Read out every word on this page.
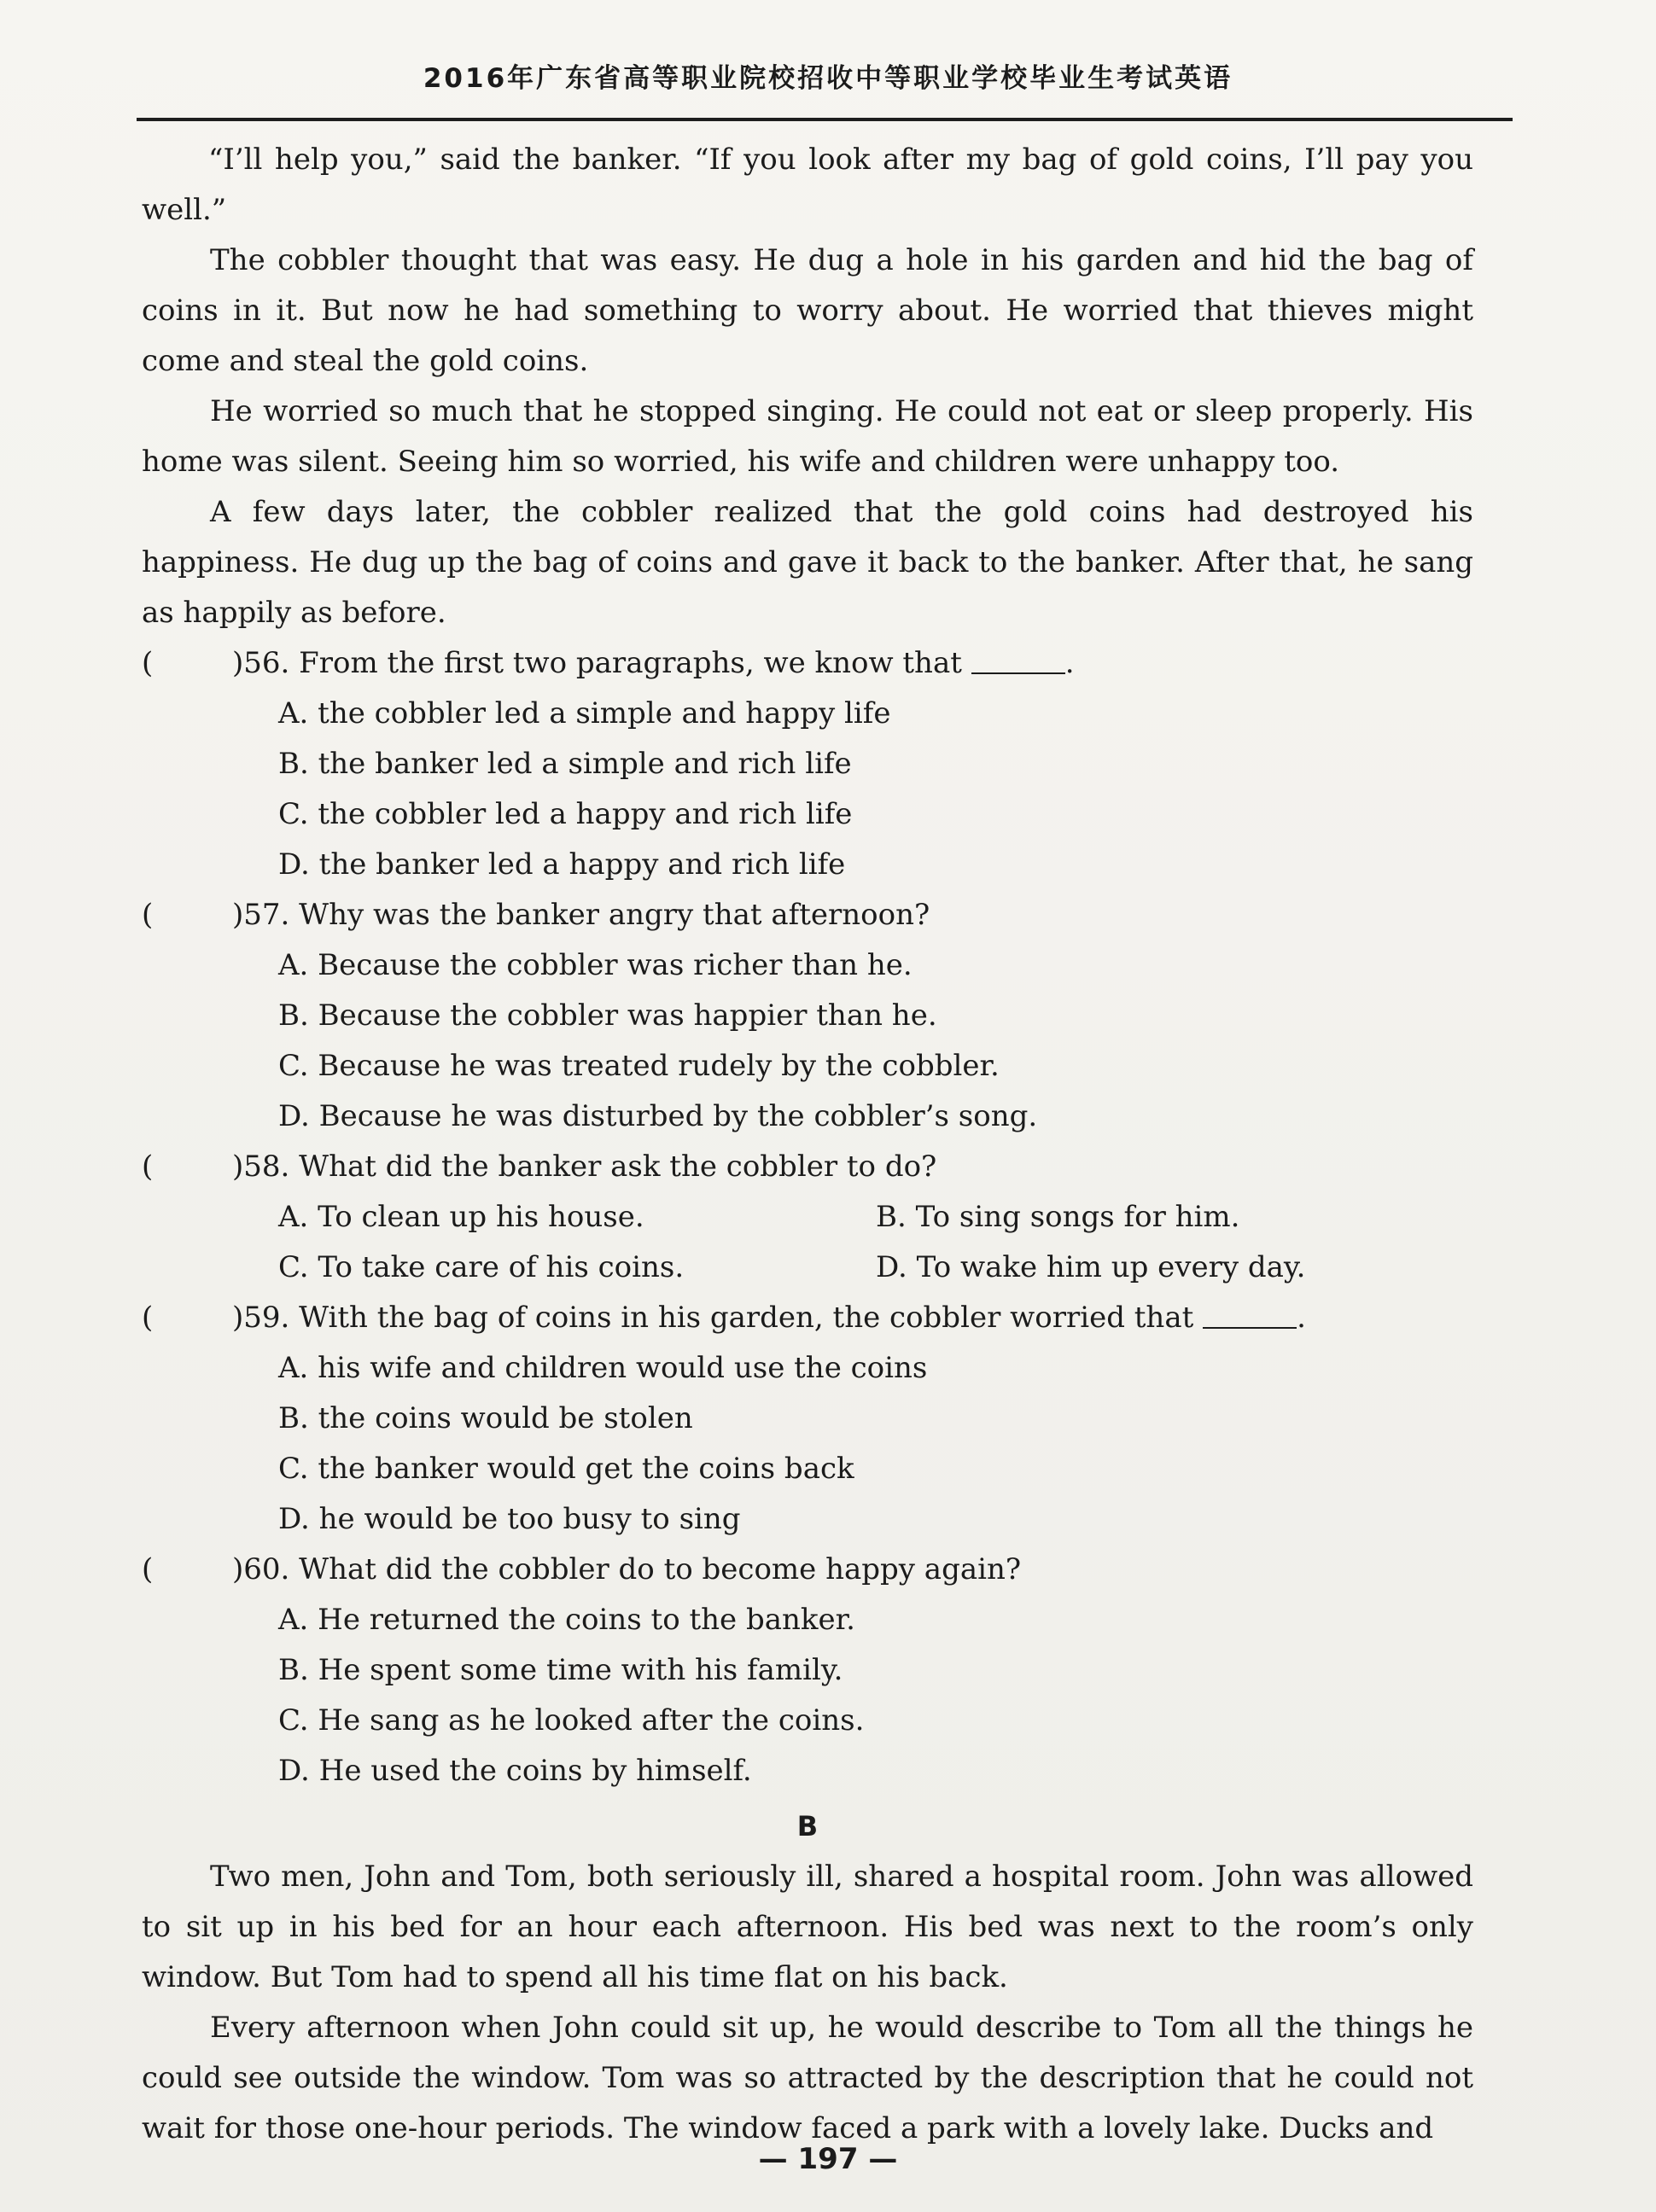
2016年广东省高等职业院校招收中等职业学校毕业生考试英语

“I’ll help you,” said the banker. “If you look after my bag of gold coins, I’ll pay you well.”

The cobbler thought that was easy. He dug a hole in his garden and hid the bag of coins in it. But now he had something to worry about. He worried that thieves might come and steal the gold coins.

He worried so much that he stopped singing. He could not eat or sleep properly. His home was silent. Seeing him so worried, his wife and children were unhappy too.

A few days later, the cobbler realized that the gold coins had destroyed his happiness. He dug up the bag of coins and gave it back to the banker. After that, he sang as happily as before.

(	)56. From the first two paragraphs, we know that	.

A. the cobbler led a simple and happy life

B. the banker led a simple and rich life

C. the cobbler led a happy and rich life

D. the banker led a happy and rich life

(	)57. Why was the banker angry that afternoon?

A. Because the cobbler was richer than he.

B. Because the cobbler was happier than he.

C. Because he was treated rudely by the cobbler.

D. Because he was disturbed by the cobbler’s song.

(	)58. What did the banker ask the cobbler to do?

A. To clean up his house.	B. To sing songs for him.
C. To take care of his coins.	D. To wake him up every day.

(	)59. With the bag of coins in his garden, the cobbler worried that	.

A. his wife and children would use the coins

B. the coins would be stolen

C. the banker would get the coins back

D. he would be too busy to sing

(	)60. What did the cobbler do to become happy again?

A. He returned the coins to the banker.

B. He spent some time with his family.

C. He sang as he looked after the coins.

D. He used the coins by himself.

B

Two men, John and Tom, both seriously ill, shared a hospital room. John was allowed to sit up in his bed for an hour each afternoon. His bed was next to the room’s only window. But Tom had to spend all his time flat on his back.

Every afternoon when John could sit up, he would describe to Tom all the things he could see outside the window. Tom was so attracted by the description that he could not wait for those one-hour periods. The window faced a park with a lovely lake. Ducks and

— 197 —
